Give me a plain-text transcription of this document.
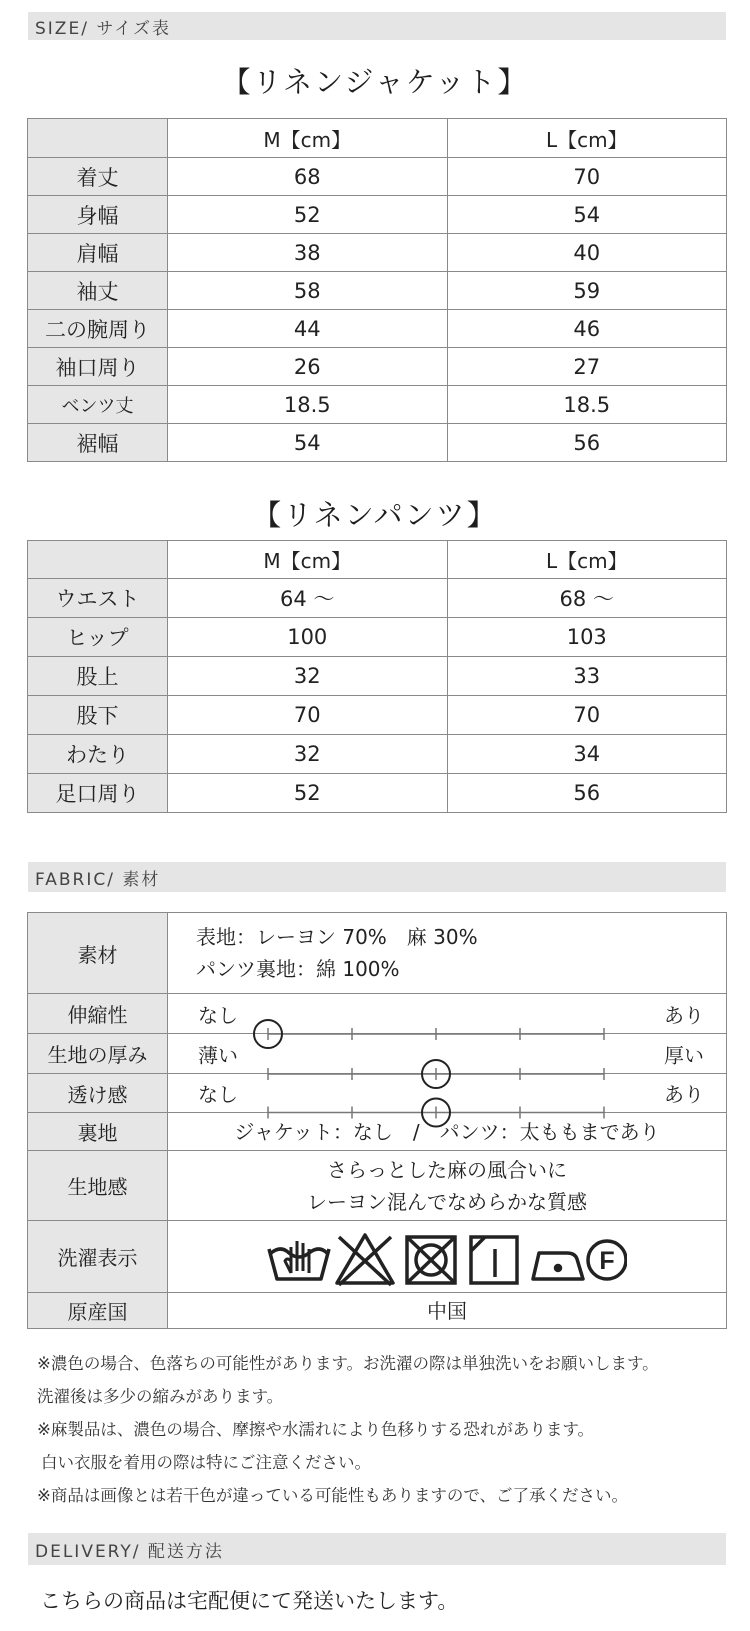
SIZE/ サイズ表
【リネンジャケット】
	M【cm】	L【cm】
着丈	68	70
身幅	52	54
肩幅	38	40
袖丈	58	59
二の腕周り	44	46
袖口周り	26	27
ベンツ丈	18.5	18.5
裾幅	54	56
【リネンパンツ】
	M【cm】	L【cm】
ウエスト	64 〜	68 〜
ヒップ	100	103
股上	32	33
股下	70	70
わたり	32	34
足口周り	52	56
FABRIC/ 素材
素材	表地：レーヨン 70%　麻 30%
パンツ裏地：綿 100%

伸縮性	なし あり

生地の厚み	薄い 厚い

透け感	なし あり

裏地	ジャケット：なし　/　パンツ：太ももまであり
生地感	さらっとした麻の風合いに
レーヨン混んでなめらかな質感

洗濯表示	F

原産国	中国
※濃色の場合、色落ちの可能性があります。お洗濯の際は単独洗いをお願いします。
洗濯後は多少の縮みがあります。
※麻製品は、濃色の場合、摩擦や水濡れにより色移りする恐れがあります。
白い衣服を着用の際は特にご注意ください。
※商品は画像とは若干色が違っている可能性もありますので、ご了承ください。
DELIVERY/ 配送方法
こちらの商品は宅配便にて発送いたします。
